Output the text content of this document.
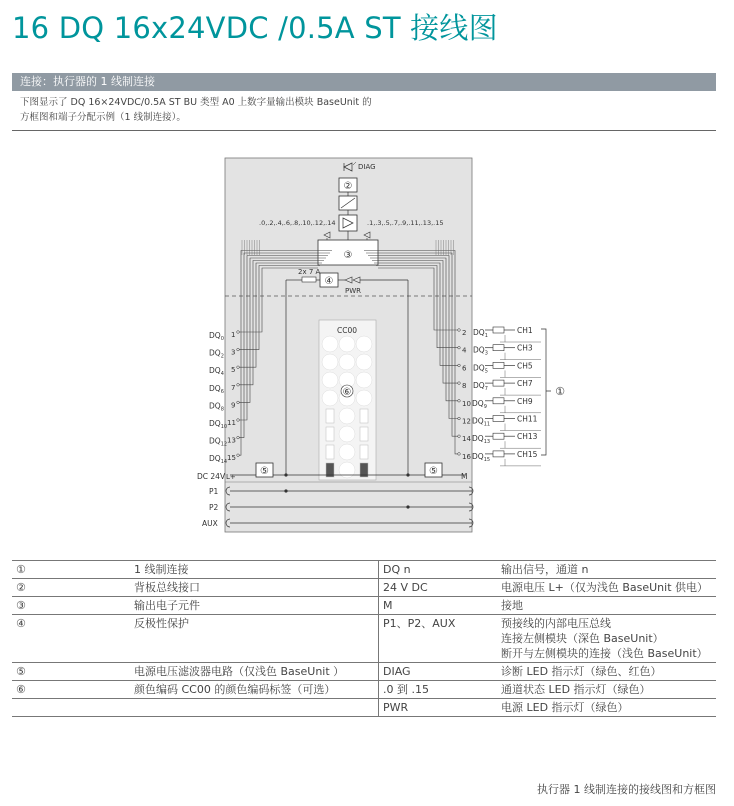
16 DQ 16x24VDC /0.5A ST 接线图
连接：执行器的 1 线制连接
下图显示了 DQ 16×24VDC/0.5A ST BU 类型 A0 上数字量输出模块 BaseUnit 的
方框图和端子分配示例（1 线制连接）。
CC00
DIAG
②
.0,.2,.4,.6,.8,.10,.12,.14	.1,.3,.5,.7,.9,.11,.13,.15
③
2x 7 A
④
PWR
$DQ_0$ 1
$DQ_2$ 3
$DQ_4$ 5
$DQ_6$ 7
$DQ_8$ 9
$DQ_{10}$ 11
$DQ_{12}$ 13
$DQ_{14}$ 15
2 $DQ_1$
CH1
4 $DQ_3$
CH3
6 $DQ_5$
CH5
8 $DQ_7$
CH7
10 $DQ_9$
CH9
12 $DQ_{11}$
CH11
14 $DQ_{13}$
CH13
16 $DQ_{15}$
CH15
⑤	⑤
DC 24V L+	M
P1
P2
AUX
⑥	①
①	1 线制连接	DQ n	输出信号，通道 n
②	背板总线接口	24 V DC	电源电压 L+（仅为浅色 BaseUnit 供电）
③	输出电子元件	M	接地
④	反极性保护	P1、P2、AUX	预接线的内部电压总线
连接左侧模块（深色 BaseUnit）
断开与左侧模块的连接（浅色 BaseUnit）
⑤	电源电压滤波器电路（仅浅色 BaseUnit ）	DIAG	诊断 LED 指示灯（绿色、红色）
⑥	颜色编码 CC00 的颜色编码标签（可选）	.0 到 .15	通道状态 LED 指示灯（绿色）
		PWR	电源 LED 指示灯（绿色）
执行器 1 线制连接的接线图和方框图
